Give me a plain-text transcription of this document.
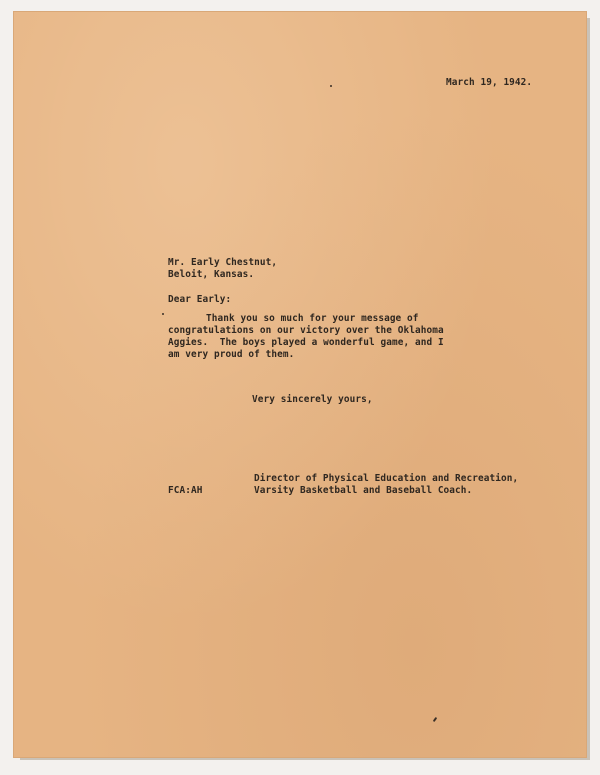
March 19, 1942.
Mr. Early Chestnut,
Beloit, Kansas.
Dear Early:
Thank you so much for your message of
congratulations on our victory over the Oklahoma
Aggies.  The boys played a wonderful game, and I
am very proud of them.
Very sincerely yours,
Director of Physical Education and Recreation,
Varsity Basketball and Baseball Coach.
FCA:AH
